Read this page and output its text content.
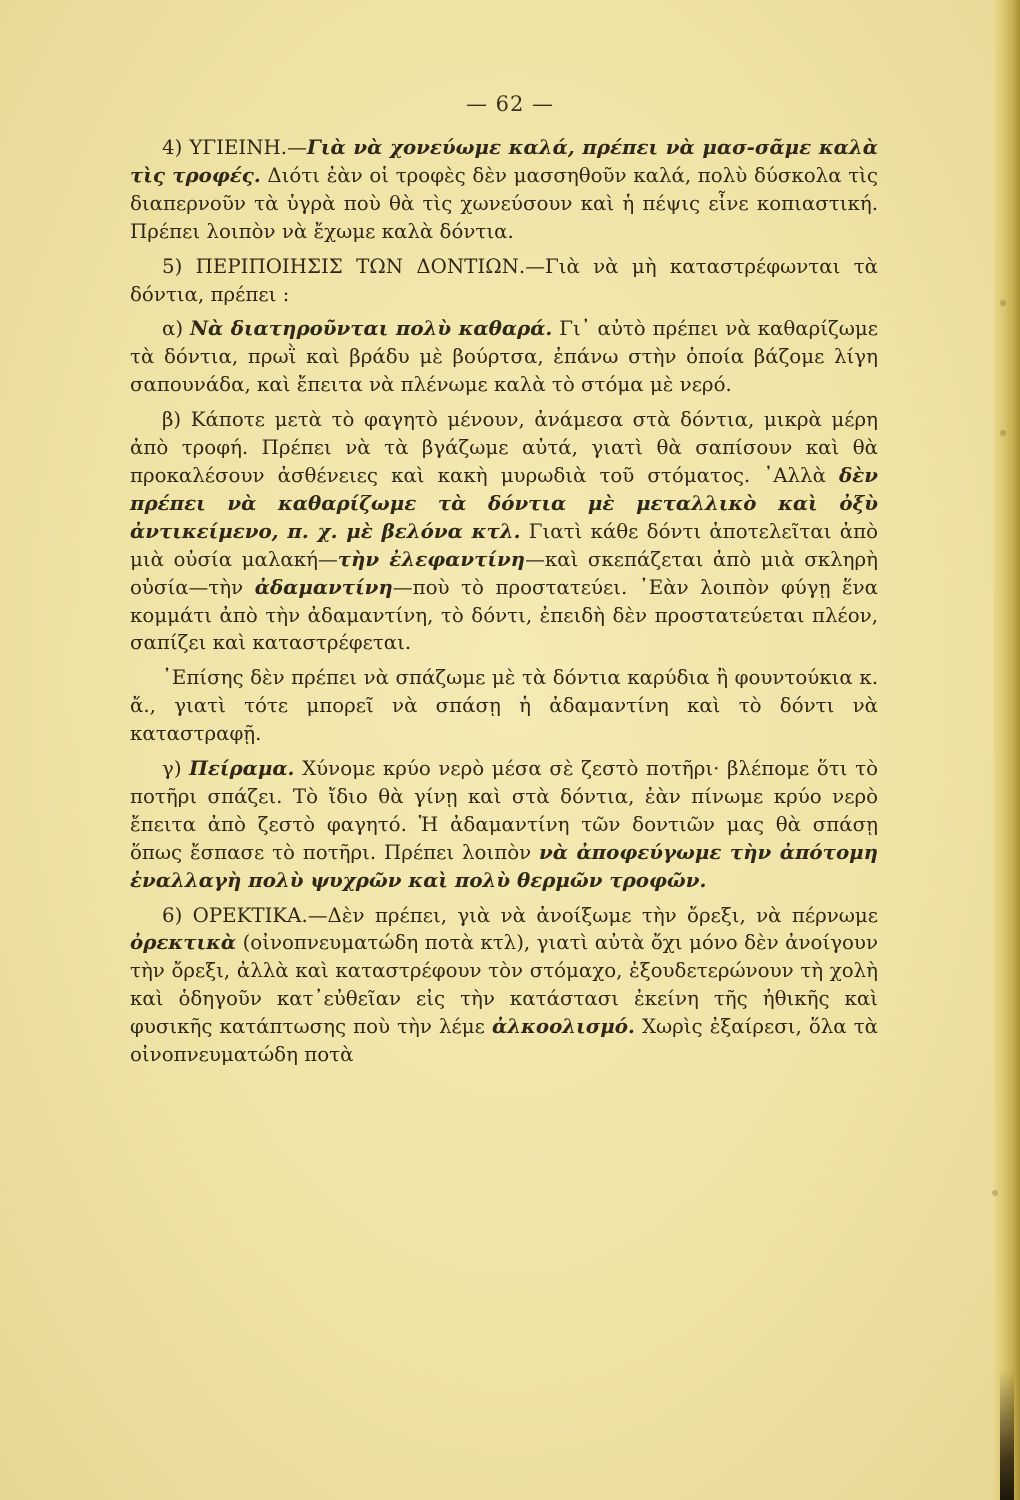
— 62 —

4) ΥΓΙΕΙΝΗ.—Γιὰ νὰ χονεύωμε καλά, πρέπει νὰ μασ-σᾶμε καλὰ τὶς τροφές. Διότι ἐὰν οἱ τροφὲς δὲν μασσηθοῦν καλά, πολὺ δύσκολα τὶς διαπερνοῦν τὰ ὑγρὰ ποὺ θὰ τὶς χωνεύσουν καὶ ἡ πέψις εἶνε κοπιαστική. Πρέπει λοιπὸν νὰ ἔχωμε καλὰ δόντια.

5) ΠΕΡΙΠΟΙΗΣΙΣ ΤΩΝ ΔΟΝΤΙΩΝ.—Γιὰ νὰ μὴ καταστρέφωνται τὰ δόντια, πρέπει :

α) Νὰ διατηροῦνται πολὺ καθαρά. Γι᾽ αὐτὸ πρέπει νὰ καθαρίζωμε τὰ δόντια, πρωῒ καὶ βράδυ μὲ βούρτσα, ἐπάνω στὴν ὁποία βάζομε λίγη σαπουνάδα, καὶ ἔπειτα νὰ πλένωμε καλὰ τὸ στόμα μὲ νερό.

β) Κάποτε μετὰ τὸ φαγητὸ μένουν, ἀνάμεσα στὰ δόντια, μικρὰ μέρη ἀπὸ τροφή. Πρέπει νὰ τὰ βγάζωμε αὐτά, γιατὶ θὰ σαπίσουν καὶ θὰ προκαλέσουν ἀσθένειες καὶ κακὴ μυρωδιὰ τοῦ στόματος. ᾽Αλλὰ δὲν πρέπει νὰ καθαρίζωμε τὰ δόντια μὲ μεταλλικὸ καὶ ὀξὺ ἀντικείμενο, π. χ. μὲ βελόνα κτλ. Γιατὶ κάθε δόντι ἀποτελεῖται ἀπὸ μιὰ οὐσία μαλακή—τὴν ἐλεφαντίνη—καὶ σκεπάζεται ἀπὸ μιὰ σκληρὴ οὐσία—τὴν ἀδαμαντίνη—ποὺ τὸ προστατεύει. ᾽Εὰν λοιπὸν φύγῃ ἕνα κομμάτι ἀπὸ τὴν ἀδαμαντίνη, τὸ δόντι, ἐπειδὴ δὲν προστατεύεται πλέον, σαπίζει καὶ καταστρέφεται.

᾽Επίσης δὲν πρέπει νὰ σπάζωμε μὲ τὰ δόντια καρύδια ἢ φουντούκια κ. ἄ., γιατὶ τότε μπορεῖ νὰ σπάσῃ ἡ ἀδαμαντίνη καὶ τὸ δόντι νὰ καταστραφῇ.

γ) Πείραμα. Χύνομε κρύο νερὸ μέσα σὲ ζεστὸ ποτῆρι· βλέπομε ὅτι τὸ ποτῆρι σπάζει. Τὸ ἴδιο θὰ γίνῃ καὶ στὰ δόντια, ἐὰν πίνωμε κρύο νερὸ ἔπειτα ἀπὸ ζεστὸ φαγητό. Ἡ ἀδαμαντίνη τῶν δοντιῶν μας θὰ σπάσῃ ὅπως ἔσπασε τὸ ποτῆρι. Πρέπει λοιπὸν νὰ ἀποφεύγωμε τὴν ἀπότομη ἐναλλαγὴ πολὺ ψυχρῶν καὶ πολὺ θερμῶν τροφῶν.

6) ΟΡΕΚΤΙΚΑ.—Δὲν πρέπει, γιὰ νὰ ἀνοίξωμε τὴν ὄρεξι, νὰ πέρνωμε ὀρεκτικὰ (οἰνοπνευματώδη ποτὰ κτλ), γιατὶ αὐτὰ ὄχι μόνο δὲν ἀνοίγουν τὴν ὄρεξι, ἀλλὰ καὶ καταστρέφουν τὸν στόμαχο, ἐξουδετερώνουν τὴ χολὴ καὶ ὁδηγοῦν κατ᾽εὐθεῖαν εἰς τὴν κατάστασι ἐκείνη τῆς ἠθικῆς καὶ φυσικῆς κατάπτωσης ποὺ τὴν λέμε ἀλκοολισμό. Χωρὶς ἐξαίρεσι, ὅλα τὰ οἰνοπνευματώδη ποτὰ
